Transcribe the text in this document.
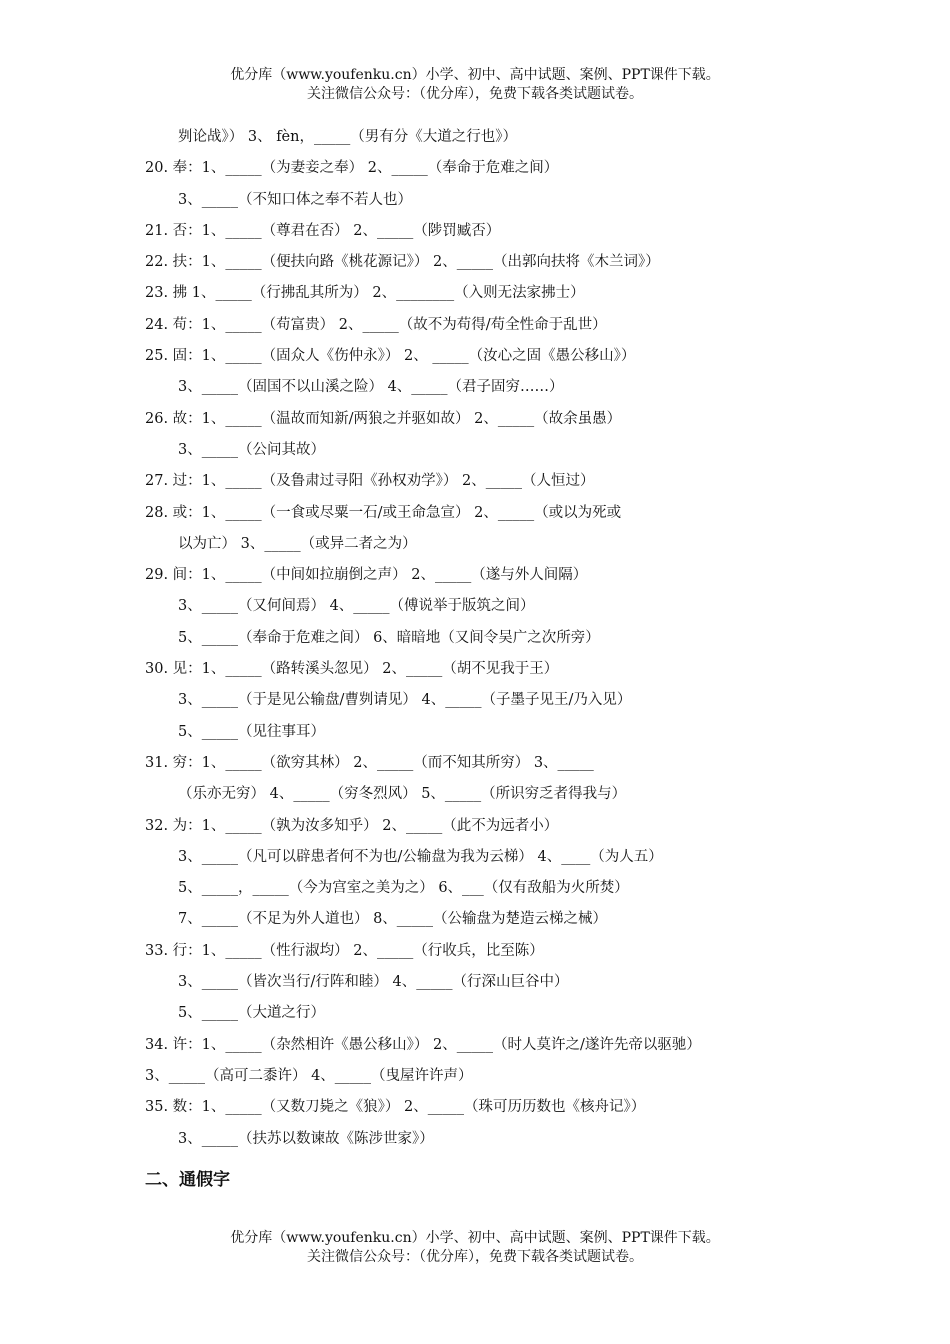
优分库（www.youfenku.cn）小学、初中、高中试题、案例、PPT课件下载。
关注微信公众号：（优分库），免费下载各类试题试卷。
刿论战》） 3、 fèn，_____（男有分《大道之行也》）
20. 奉：1、_____（为妻妾之奉） 2、_____（奉命于危难之间）
3、_____（不知口体之奉不若人也）
21. 否：1、_____（尊君在否） 2、_____（陟罚臧否）
22. 扶：1、_____（便扶向路《桃花源记》） 2、_____（出郭向扶将《木兰词》）
23. 拂 1、_____（行拂乱其所为） 2、________（入则无法家拂士）
24. 苟：1、_____（苟富贵） 2、_____（故不为苟得/苟全性命于乱世）
25. 固：1、_____（固众人《伤仲永》） 2、 _____（汝心之固《愚公移山》）
3、_____（固国不以山溪之险） 4、_____（君子固穷……）
26. 故：1、_____（温故而知新/两狼之并驱如故） 2、_____（故余虽愚）
3、_____（公问其故）
27. 过：1、_____（及鲁肃过寻阳《孙权劝学》） 2、_____（人恒过）
28. 或：1、_____（一食或尽粟一石/或王命急宣） 2、_____（或以为死或
以为亡） 3、_____（或异二者之为）
29. 间：1、_____（中间如拉崩倒之声） 2、_____（遂与外人间隔）
3、_____（又何间焉） 4、_____（傅说举于版筑之间）
5、_____（奉命于危难之间） 6、暗暗地（又间令吴广之次所旁）
30. 见：1、_____（路转溪头忽见） 2、_____（胡不见我于王）
3、_____（于是见公输盘/曹刿请见） 4、_____（子墨子见王/乃入见）
5、_____（见往事耳）
31. 穷：1、_____（欲穷其林） 2、_____（而不知其所穷） 3、_____
（乐亦无穷） 4、_____（穷冬烈风） 5、_____（所识穷乏者得我与）
32. 为：1、_____（孰为汝多知乎） 2、_____（此不为远者小）
3、_____（凡可以辟患者何不为也/公输盘为我为云梯） 4、____（为人五）
5、_____，_____（今为宫室之美为之） 6、___（仅有敌船为火所焚）
7、_____（不足为外人道也） 8、_____（公输盘为楚造云梯之械）
33. 行：1、_____（性行淑均） 2、_____（行收兵，比至陈）
3、_____（皆次当行/行阵和睦） 4、_____（行深山巨谷中）
5、_____（大道之行）
34. 许：1、_____（杂然相许《愚公移山》） 2、_____（时人莫许之/遂许先帝以驱驰）
3、_____（高可二黍许） 4、_____（曳屋许许声）
35. 数：1、_____（又数刀毙之《狼》） 2、_____（珠可历历数也《核舟记》）
3、_____（扶苏以数谏故《陈涉世家》）
二、通假字
优分库（www.youfenku.cn）小学、初中、高中试题、案例、PPT课件下载。
关注微信公众号：（优分库），免费下载各类试题试卷。
